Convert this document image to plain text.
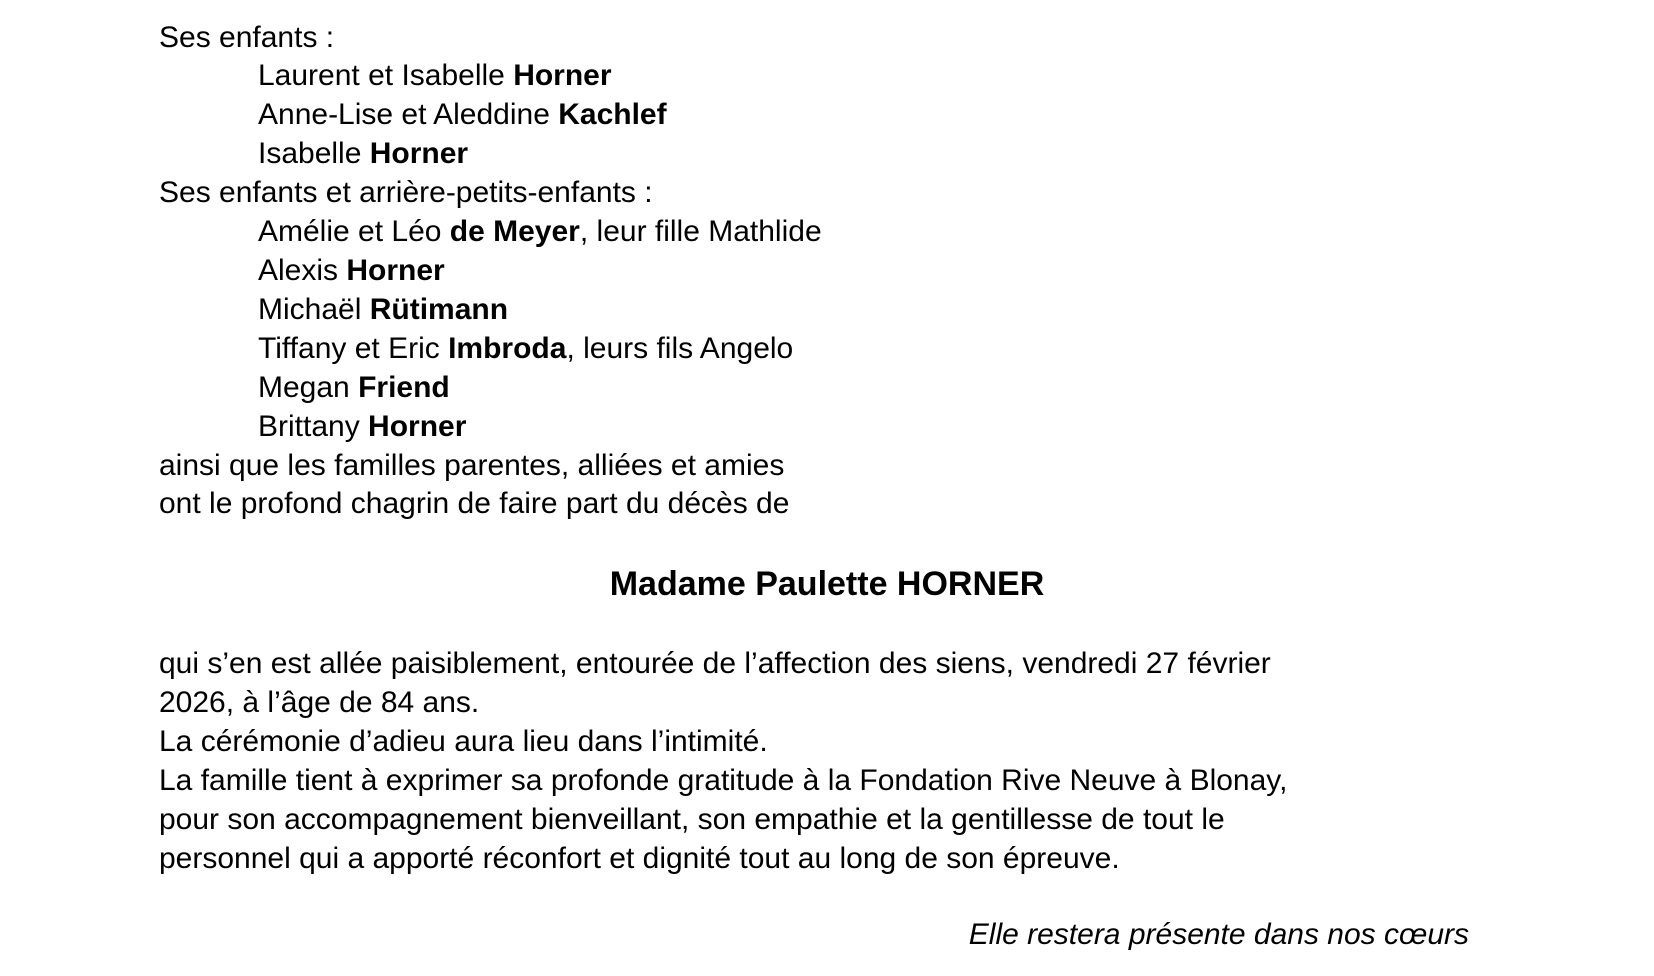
Ses enfants :
Laurent et Isabelle Horner
Anne-Lise et Aleddine Kachlef
Isabelle Horner
Ses enfants et arrière-petits-enfants :
Amélie et Léo de Meyer, leur fille Mathlide
Alexis Horner
Michaël Rütimann
Tiffany et Eric Imbroda, leurs fils Angelo
Megan Friend
Brittany Horner
ainsi que les familles parentes, alliées et amies
ont le profond chagrin de faire part du décès de
Madame Paulette HORNER
qui s’en est allée paisiblement, entourée de l’affection des siens, vendredi 27 février
2026, à l’âge de 84 ans.
La cérémonie d’adieu aura lieu dans l’intimité.
La famille tient à exprimer sa profonde gratitude à la Fondation Rive Neuve à Blonay,
pour son accompagnement bienveillant, son empathie et la gentillesse de tout le
personnel qui a apporté réconfort et dignité tout au long de son épreuve.
Elle restera présente dans nos cœurs
